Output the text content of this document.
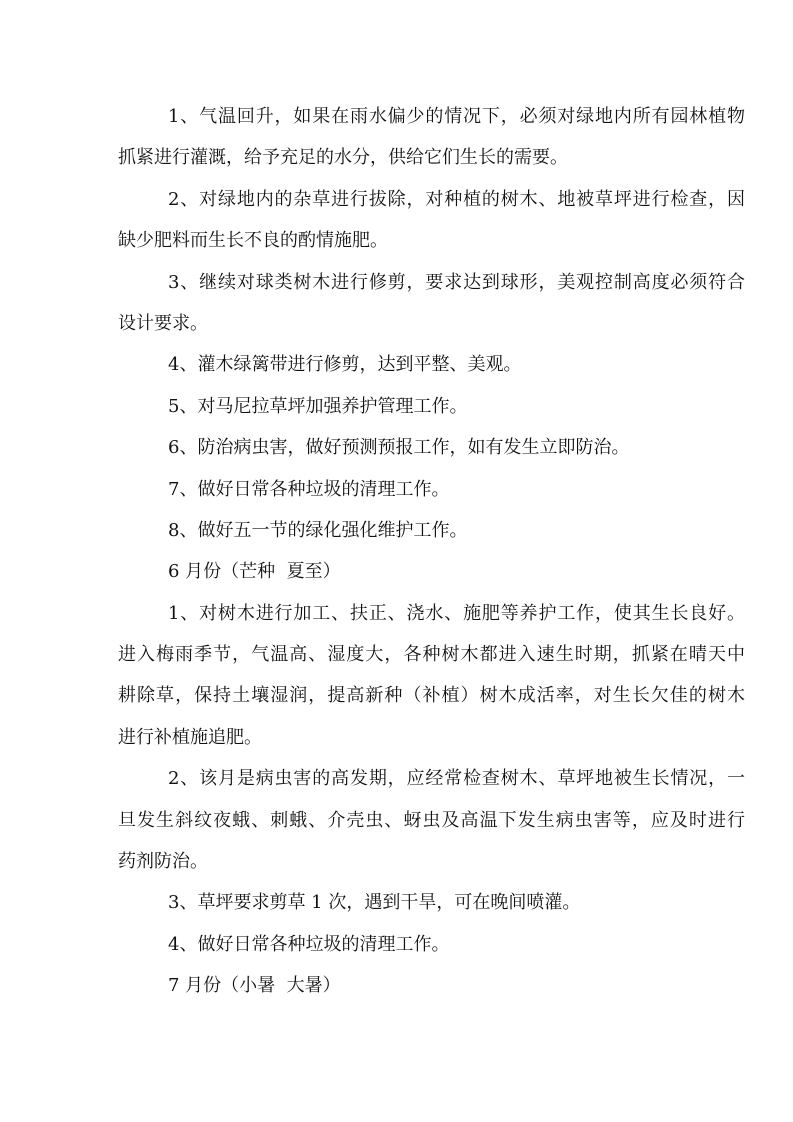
1、气温回升，如果在雨水偏少的情况下，必须对绿地内所有园林植物
抓紧进行灌溉，给予充足的水分，供给它们生长的需要。
2、对绿地内的杂草进行拔除，对种植的树木、地被草坪进行检查，因
缺少肥料而生长不良的酌情施肥。
3、继续对球类树木进行修剪，要求达到球形，美观控制高度必须符合
设计要求。
4、灌木绿篱带进行修剪，达到平整、美观。
5、对马尼拉草坪加强养护管理工作。
6、防治病虫害，做好预测预报工作，如有发生立即防治。
7、做好日常各种垃圾的清理工作。
8、做好五一节的绿化强化维护工作。
6 月份（芒种  夏至）
1、对树木进行加工、扶正、浇水、施肥等养护工作，使其生长良好。
进入梅雨季节，气温高、湿度大，各种树木都进入速生时期，抓紧在晴天中
耕除草，保持土壤湿润，提高新种（补植）树木成活率，对生长欠佳的树木
进行补植施追肥。
2、该月是病虫害的高发期，应经常检查树木、草坪地被生长情况，一
旦发生斜纹夜蛾、刺蛾、介壳虫、蚜虫及高温下发生病虫害等，应及时进行
药剂防治。
3、草坪要求剪草 1 次，遇到干旱，可在晚间喷灌。
4、做好日常各种垃圾的清理工作。
7 月份（小暑  大暑）
